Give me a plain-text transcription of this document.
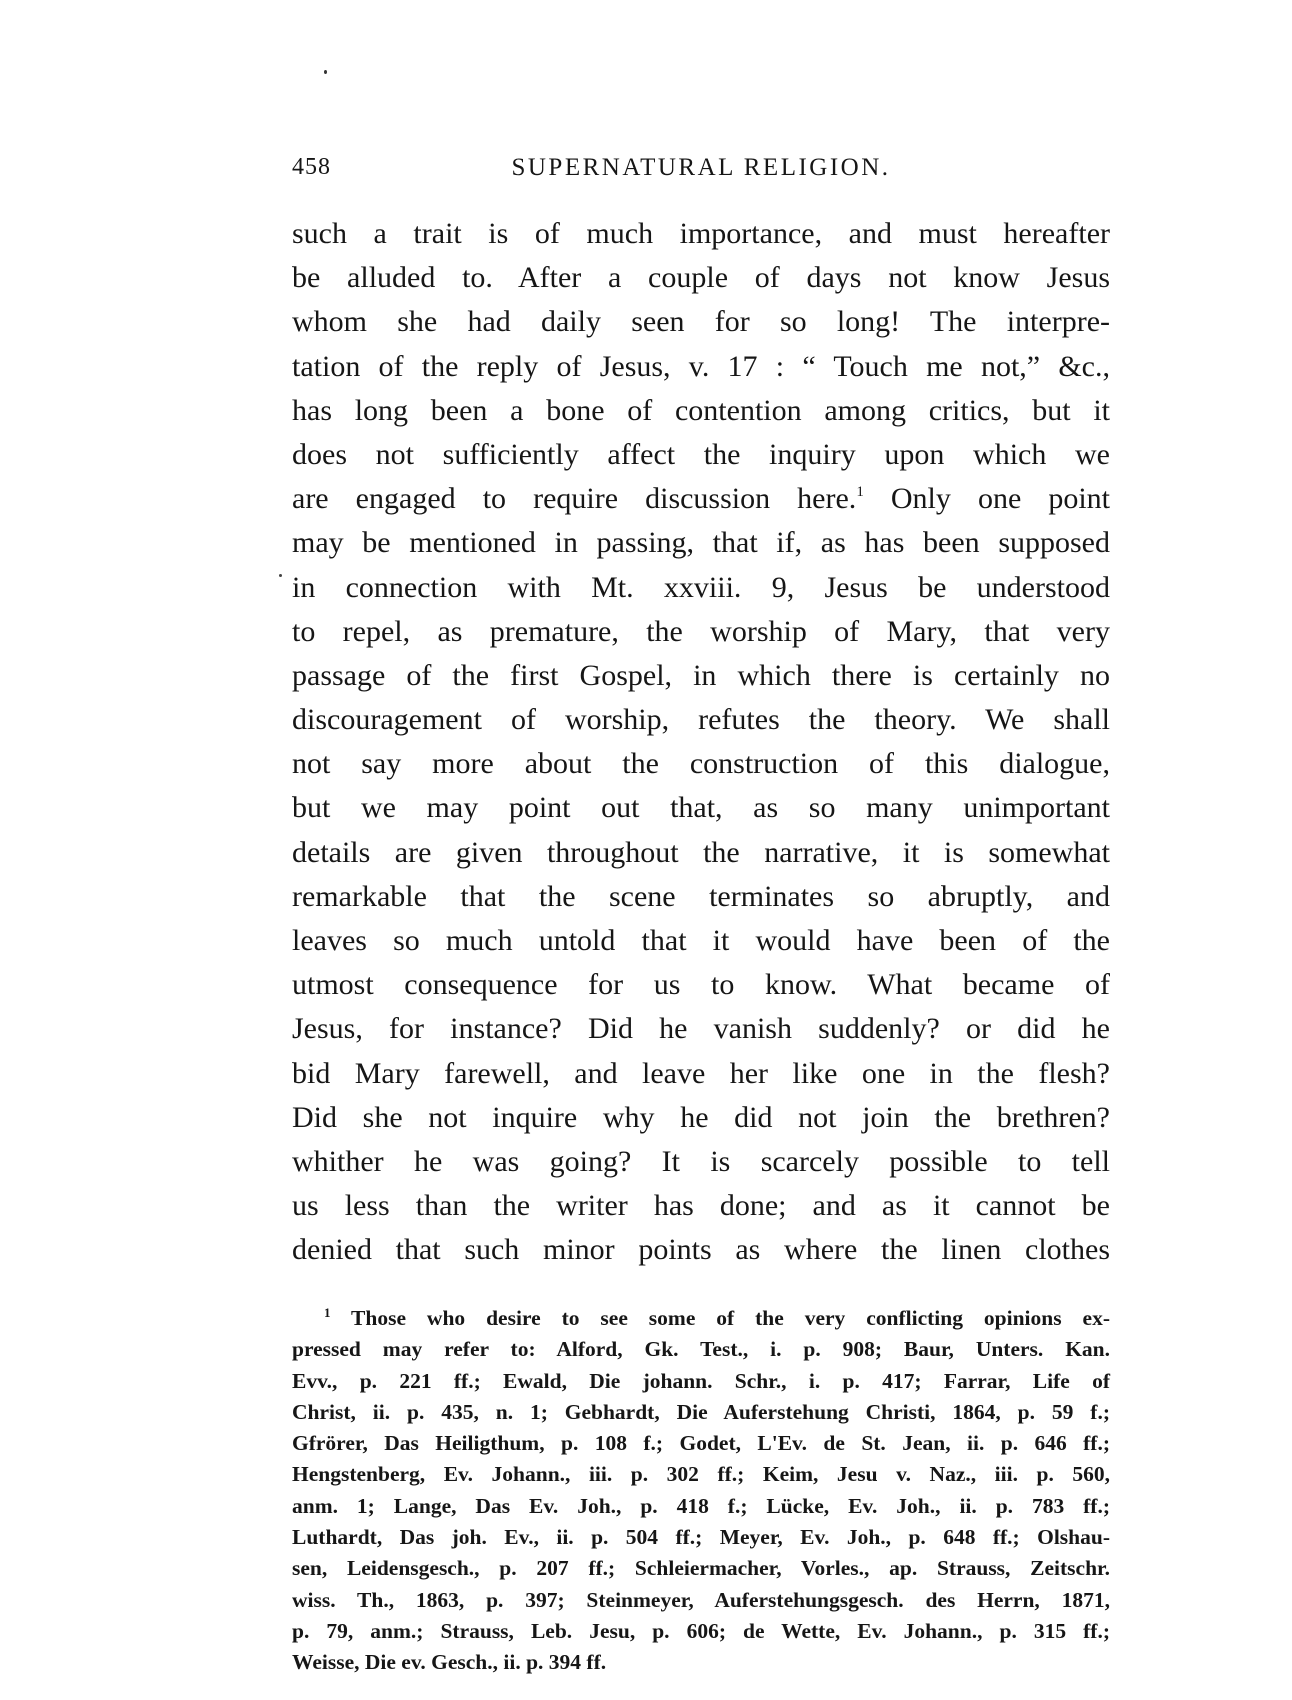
458	SUPERNATURAL RELIGION.
such a trait is of much importance, and must hereafter
be alluded to. After a couple of days not know Jesus
whom she had daily seen for so long! The interpre-
tation of the reply of Jesus, v. 17 : “ Touch me not,” &c.,
has long been a bone of contention among critics, but it
does not sufficiently affect the inquiry upon which we
are engaged to require discussion here.$^1$ Only one point
may be mentioned in passing, that if, as has been supposed
in connection with Mt. xxviii. 9, Jesus be understood
to repel, as premature, the worship of Mary, that very
passage of the first Gospel, in which there is certainly no
discouragement of worship, refutes the theory. We shall
not say more about the construction of this dialogue,
but we may point out that, as so many unimportant
details are given throughout the narrative, it is somewhat
remarkable that the scene terminates so abruptly, and
leaves so much untold that it would have been of the
utmost consequence for us to know. What became of
Jesus, for instance? Did he vanish suddenly? or did he
bid Mary farewell, and leave her like one in the flesh?
Did she not inquire why he did not join the brethren?
whither he was going? It is scarcely possible to tell
us less than the writer has done; and as it cannot be
denied that such minor points as where the linen clothes
$^1$ Those who desire to see some of the very conflicting opinions ex-
pressed may refer to: Alford, Gk. Test., i. p. 908; Baur, Unters. Kan.
Evv., p. 221 ff.; Ewald, Die johann. Schr., i. p. 417; Farrar, Life of
Christ, ii. p. 435, n. 1; Gebhardt, Die Auferstehung Christi, 1864, p. 59 f.;
Gfrörer, Das Heiligthum, p. 108 f.; Godet, L'Ev. de St. Jean, ii. p. 646 ff.;
Hengstenberg, Ev. Johann., iii. p. 302 ff.; Keim, Jesu v. Naz., iii. p. 560,
anm. 1; Lange, Das Ev. Joh., p. 418 f.; Lücke, Ev. Joh., ii. p. 783 ff.;
Luthardt, Das joh. Ev., ii. p. 504 ff.; Meyer, Ev. Joh., p. 648 ff.; Olshau-
sen, Leidensgesch., p. 207 ff.; Schleiermacher, Vorles., ap. Strauss, Zeitschr.
wiss. Th., 1863, p. 397; Steinmeyer, Auferstehungsgesch. des Herrn, 1871,
p. 79, anm.; Strauss, Leb. Jesu, p. 606; de Wette, Ev. Johann., p. 315 ff.;
Weisse, Die ev. Gesch., ii. p. 394 ff.
